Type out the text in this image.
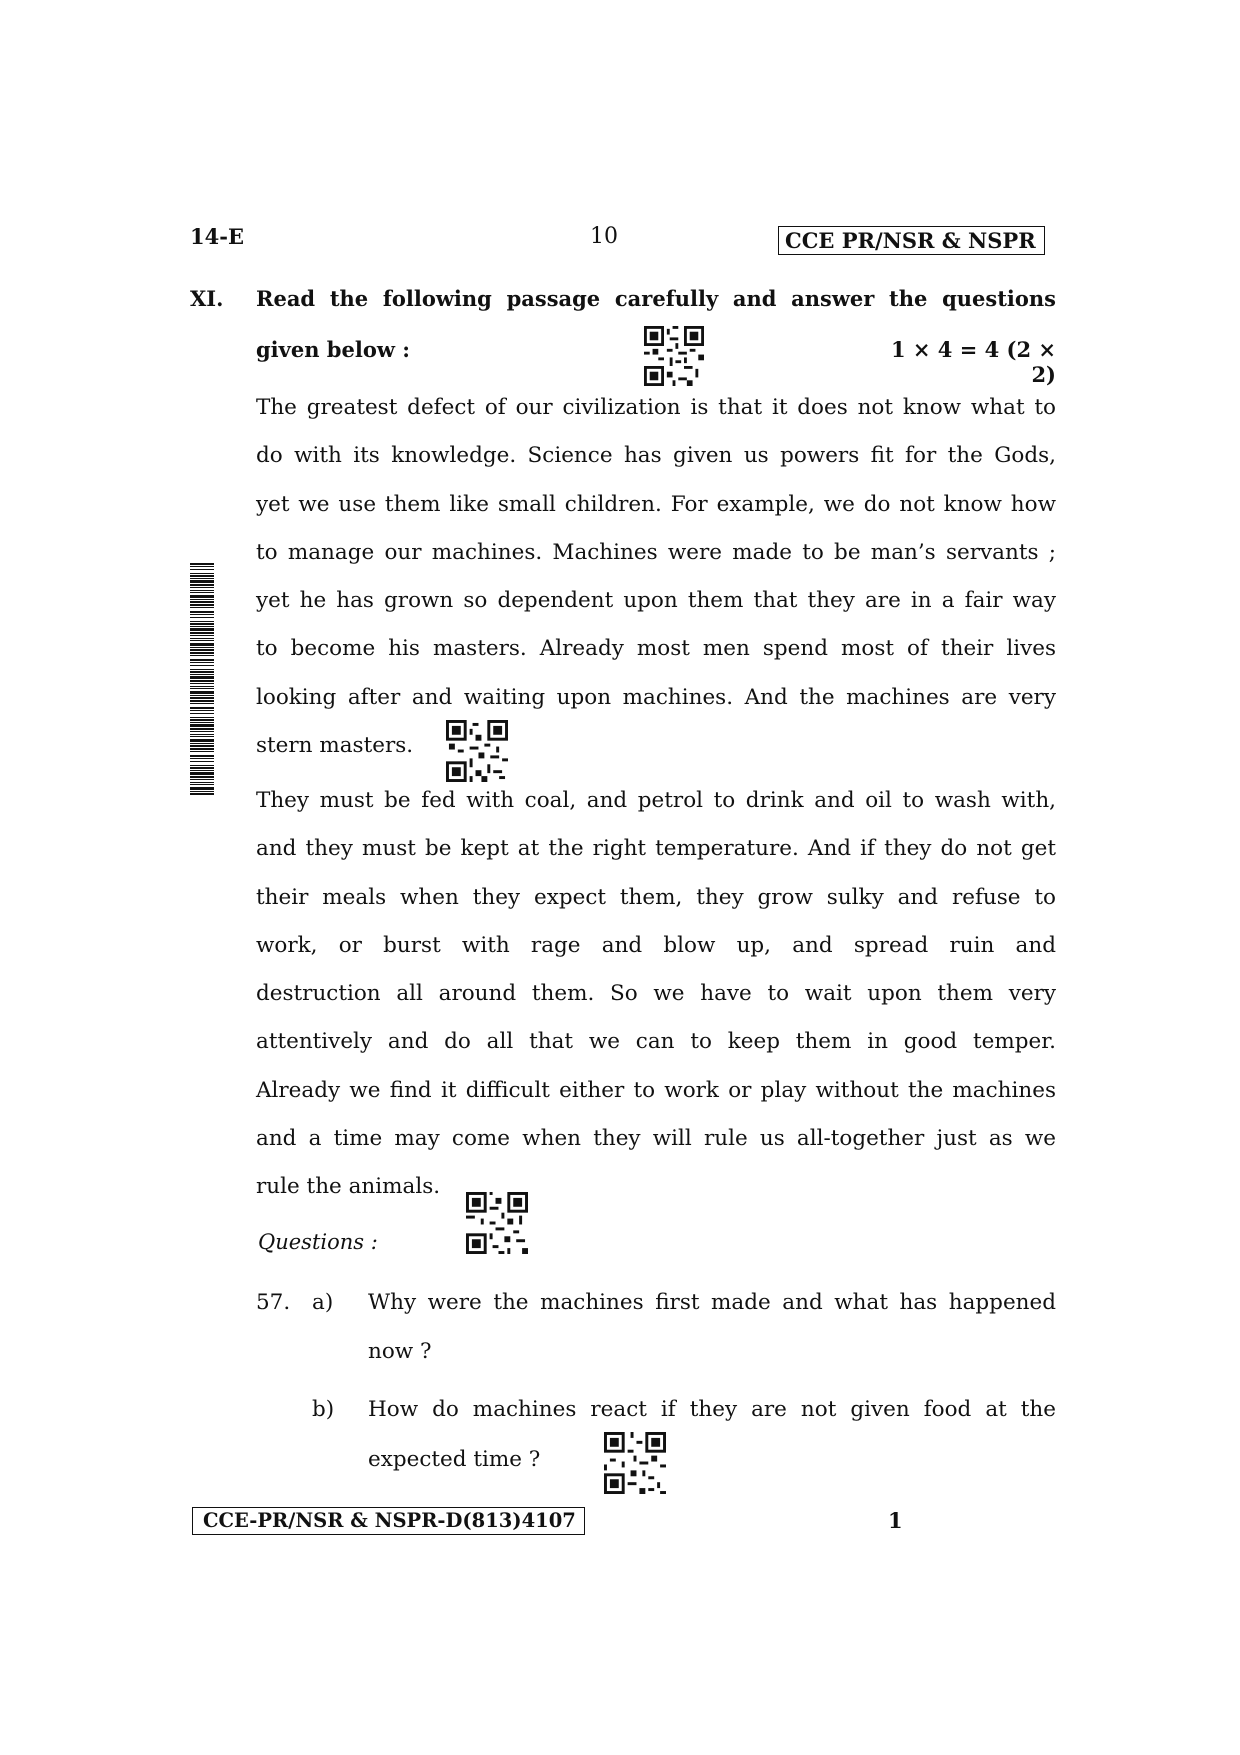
14-E	10	CCE PR/NSR & NSPR
XI. Read the following passage carefully and answer the questions
given below :	1 × 4 = 4 (2 × 2)
The greatest defect of our civilization is that it does not know what to
do with its knowledge. Science has given us powers fit for the Gods,
yet we use them like small children. For example, we do not know how
to manage our machines. Machines were made to be man’s servants ;
yet he has grown so dependent upon them that they are in a fair way
to become his masters. Already most men spend most of their lives
looking after and waiting upon machines. And the machines are very
stern masters.
They must be fed with coal, and petrol to drink and oil to wash with,
and they must be kept at the right temperature. And if they do not get
their meals when they expect them, they grow sulky and refuse to
work, or burst with rage and blow up, and spread ruin and
destruction all around them. So we have to wait upon them very
attentively and do all that we can to keep them in good temper.
Already we find it difficult either to work or play without the machines
and a time may come when they will rule us all-together just as we
rule the animals.
Questions :
57. a) Why were the machines first made and what has happened
now ?
b) How do machines react if they are not given food at the
expected time ?
CCE-PR/NSR & NSPR-D(813)4107	1
